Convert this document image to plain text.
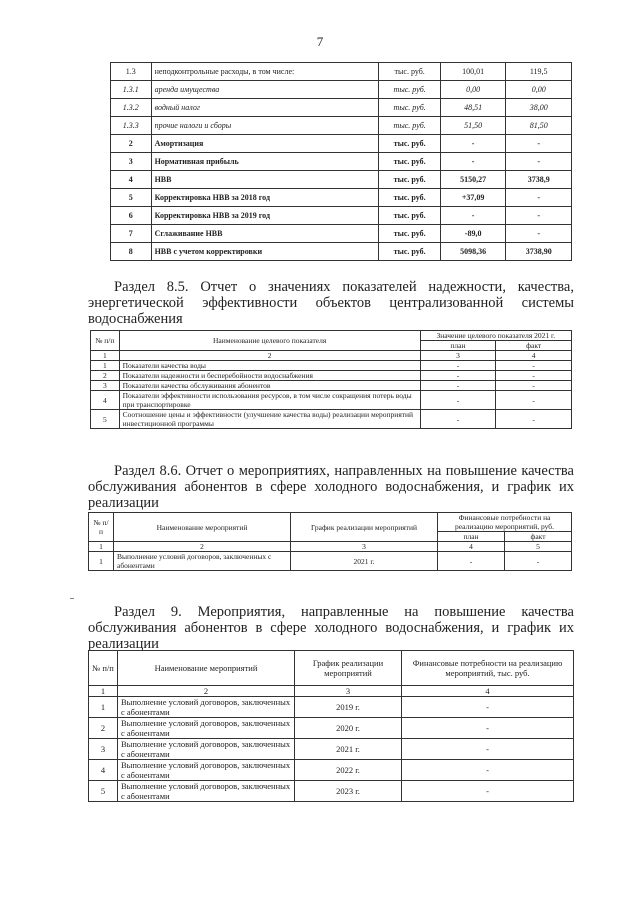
7
1.3	неподконтрольные расходы, в том числе:	тыс. руб.	100,01	119,5
1.3.1	аренда имущества	тыс. руб.	0,00	0,00
1.3.2	водный налог	тыс. руб.	48,51	38,00
1.3.3	прочие налоги и сборы	тыс. руб.	51,50	81,50
2	Амортизация	тыс. руб.	-	-
3	Нормативная прибыль	тыс. руб.	-	-
4	НВВ	тыс. руб.	5150,27	3738,9
5	Корректировка НВВ за 2018 год	тыс. руб.	+37,09	-
6	Корректировка НВВ за 2019 год	тыс. руб.	-	-
7	Сглаживание НВВ	тыс. руб.	-89,0	-
8	НВВ с учетом корректировки	тыс. руб.	5098,36	3738,90
Раздел 8.5. Отчет о значениях показателей надежности, качества, энергетической эффективности объектов централизованной системы водоснабжения
№ п/п	Наименование целевого показателя	Значение целевого показателя 2021 г.	
		план	факт
1	2	3	4
1	Показатели качества воды	-	-
2	Показатели надежности и бесперебойности водоснабжения	-	-
3	Показатели качества обслуживания абонентов	-	-
4	Показатели эффективности использования ресурсов, в том числе сокращения потерь воды при транспортировке	-	-
5	Соотношение цены и эффективности (улучшение качества воды) реализации мероприятий инвестиционной программы	-	-
Раздел 8.6. Отчет о мероприятиях, направленных на повышение качества обслуживания абонентов в сфере холодного водоснабжения, и график их реализации
№ п/п	Наименование мероприятий	График реализации мероприятий	Финансовые потребности на реализацию мероприятий, руб.	
			план	факт
1	2	3	4	5
1	Выполнение условий договоров, заключенных с абонентами	2021 г.	-	-
Раздел 9. Мероприятия, направленные на повышение качества обслуживания абонентов в сфере холодного водоснабжения, и график их реализации
№ п/п	Наименование мероприятий	График реализации мероприятий	Финансовые потребности на реализацию мероприятий, тыс. руб.
1	2	3	4
1	Выполнение условий договоров, заключенных с абонентами	2019 г.	-
2	Выполнение условий договоров, заключенных с абонентами	2020 г.	-
3	Выполнение условий договоров, заключенных с абонентами	2021 г.	-
4	Выполнение условий договоров, заключенных с абонентами	2022 г.	-
5	Выполнение условий договоров, заключенных с абонентами	2023 г.	-
